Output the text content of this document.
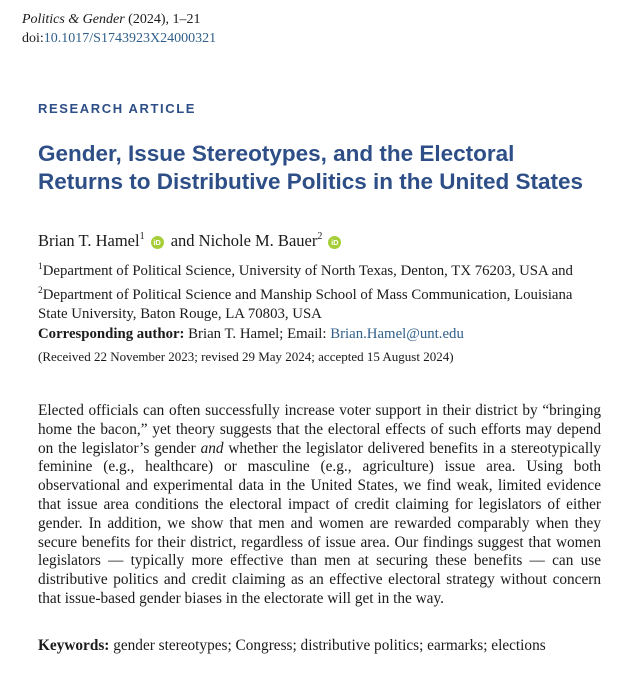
Politics & Gender (2024), 1–21
doi:10.1017/S1743923X24000321
RESEARCH ARTICLE
Gender, Issue Stereotypes, and the Electoral
Returns to Distributive Politics in the United States
Brian T. Hamel$^1$iD and Nichole M. Bauer$^2$iD
$^1$Department of Political Science, University of North Texas, Denton, TX 76203, USA and
$^2$Department of Political Science and Manship School of Mass Communication, Louisiana
State University, Baton Rouge, LA 70803, USA
Corresponding author: Brian T. Hamel; Email: Brian.Hamel@unt.edu
(Received 22 November 2023; revised 29 May 2024; accepted 15 August 2024)
Elected officials can often successfully increase voter support in their district by “bringing home the bacon,” yet theory suggests that the electoral effects of such efforts may depend on the legislator’s gender and whether the legislator delivered benefits in a stereotypically feminine (e.g., healthcare) or masculine (e.g., agriculture) issue area. Using both observational and experimental data in the United States, we find weak, limited evidence that issue area conditions the electoral impact of credit claiming for legislators of either gender. In addition, we show that men and women are rewarded comparably when they secure benefits for their district, regardless of issue area. Our findings suggest that women legislators — typically more effective than men at securing these benefits — can use distributive politics and credit claiming as an effective electoral strategy without concern that issue-based gender biases in the electorate will get in the way.
Keywords: gender stereotypes; Congress; distributive politics; earmarks; elections
